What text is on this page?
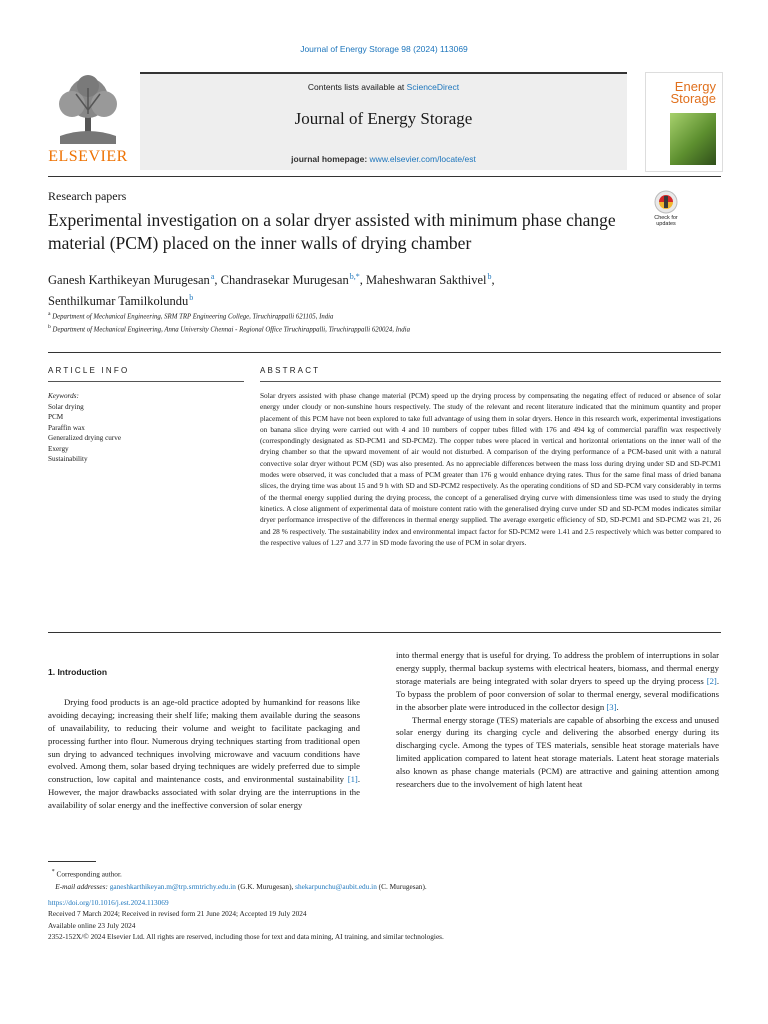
Journal of Energy Storage 98 (2024) 113069
ELSEVIER
Contents lists available at ScienceDirect
Journal of Energy Storage
journal homepage: www.elsevier.com/locate/est
Energy
Storage
Research papers
Experimental investigation on a solar dryer assisted with minimum phase change material (PCM) placed on the inner walls of drying chamber
Check for updates
Ganesh Karthikeyan Murugesan $^a$, Chandrasekar Murugesan $^{b,*}$, Maheshwaran Sakthivel $^b$,
Senthilkumar Tamilkolundu $^b$
$^a$ Department of Mechanical Engineering, SRM TRP Engineering College, Tiruchirappalli 621105, India
$^b$ Department of Mechanical Engineering, Anna University Chennai - Regional Office Tiruchirappalli, Tiruchirappalli 620024, India
ARTICLE INFO	ABSTRACT
Keywords:
Solar drying
PCM
Paraffin wax
Generalized drying curve
Exergy
Sustainability
Solar dryers assisted with phase change material (PCM) speed up the drying process by compensating the negating effect of reduced or absence of solar energy under cloudy or non-sunshine hours respectively. The study of the relevant and recent literature indicated that the minimum quantity and proper placement of this PCM have not been explored to take full advantage of using them in solar dryers. Hence in this research work, experimental investigations on banana slice drying were carried out with 4 and 10 numbers of copper tubes filled with 176 and 494 kg of commercial paraffin wax respectively (correspondingly designated as SD-PCM1 and SD-PCM2). The copper tubes were placed in vertical and horizontal orientations on the inner wall of the drying chamber so that the upward movement of air would not disturbed. A comparison of the drying performance of a PCM-based unit with a natural convective solar dryer without PCM (SD) was also presented. As no appreciable differences between the mass loss during drying under SD and SD-PCM1 modes were observed, it was concluded that a mass of PCM greater than 176 g would enhance drying rates. Thus for the same final mass of dried banana slices, the drying time was about 15 and 9 h with SD and SD-PCM2 respectively. As the operating conditions of SD and SD-PCM vary considerably in terms of the thermal energy supplied during the drying process, the concept of a generalised drying curve with dimensionless time was used to study the drying kinetics. A close alignment of experimental data of moisture content ratio with the generalised drying curve under SD and SD-PCM modes indicates similar dryer performance irrespective of the differences in thermal energy supplied. The average exergetic efficiency of SD, SD-PCM1 and SD-PCM2 was 21, 26 and 28 % respectively. The sustainability index and environmental impact factor for SD-PCM2 were 1.41 and 2.5 respectively which was better compared to the respective values of 1.27 and 3.77 in SD mode favoring the use of PCM in solar dryers.
1. Introduction

Drying food products is an age-old practice adopted by humankind for reasons like avoiding decaying; increasing their shelf life; making them available during the seasons of unavailability, to reducing their volume and weight to facilitate packaging and processing further into flour. Numerous drying techniques starting from traditional open sun drying to advanced techniques involving microwave and vacuum conditions have evolved. Among them, solar based drying techniques are widely preferred due to simple construction, low capital and maintenance costs, and environmental sustainability [1]. However, the major drawbacks associated with solar drying are the interruptions in the availability of solar energy and the ineffective conversion of solar energy

into thermal energy that is useful for drying. To address the problem of interruptions in solar energy supply, thermal backup systems with electrical heaters, biomass, and thermal energy storage materials are being integrated with solar dryers to speed up the drying process [2]. To bypass the problem of poor conversion of solar to thermal energy, several modifications in the absorber plate were introduced in the collector design [3].

Thermal energy storage (TES) materials are capable of absorbing the excess and unused solar energy during its charging cycle and delivering the absorbed energy during its discharging cycle. Among the types of TES materials, sensible heat storage materials have limited application compared to latent heat storage materials. Latent heat storage materials also known as phase change materials (PCM) are attractive and gaining attention among researchers due to the involvement of high latent heat

* Corresponding author.
E-mail addresses: ganeshkarthikeyan.m@trp.srmtrichy.edu.in (G.K. Murugesan), shekarpunchu@aubit.edu.in (C. Murugesan).
https://doi.org/10.1016/j.est.2024.113069
Received 7 March 2024; Received in revised form 21 June 2024; Accepted 19 July 2024
Available online 23 July 2024
2352-152X/© 2024 Elsevier Ltd. All rights are reserved, including those for text and data mining, AI training, and similar technologies.
